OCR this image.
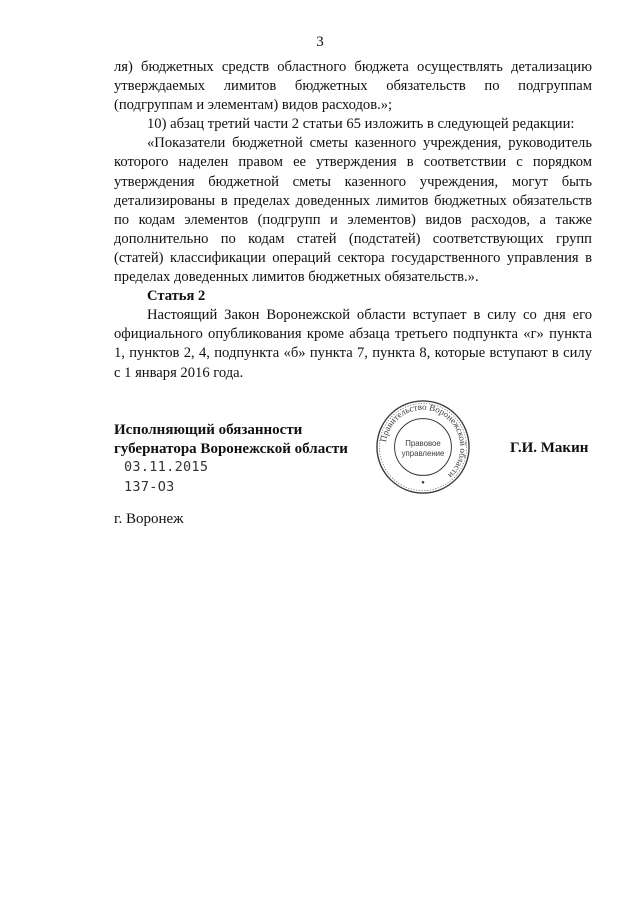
3

ля) бюджетных средств областного бюджета осуществлять детализацию утверждаемых лимитов бюджетных обязательств по подгруппам (подгруппам и элементам) видов расходов.»;

10) абзац третий части 2 статьи 65 изложить в следующей редакции:

«Показатели бюджетной сметы казенного учреждения, руководитель которого наделен правом ее утверждения в соответствии с порядком утверждения бюджетной сметы казенного учреждения, могут быть детализированы в пределах доведенных лимитов бюджетных обязательств по кодам элементов (подгрупп и элементов) видов расходов, а также дополнительно по кодам статей (подстатей) соответствующих групп (статей) классификации операций сектора государственного управления в пределах доведенных лимитов бюджетных обязательств.».

Статья 2

Настоящий Закон Воронежской области вступает в силу со дня его официального опубликования кроме абзаца третьего подпункта «г» пункта 1, пунктов 2, 4, подпункта «б» пункта 7, пункта 8, которые вступают в силу с 1 января 2016 года.

Исполняющий обязанности
губернатора Воронежской области
03.11.2015
137-ОЗ
Правительство Воронежской области
Правовое
управление	Г.И. Макин
г. Воронеж
